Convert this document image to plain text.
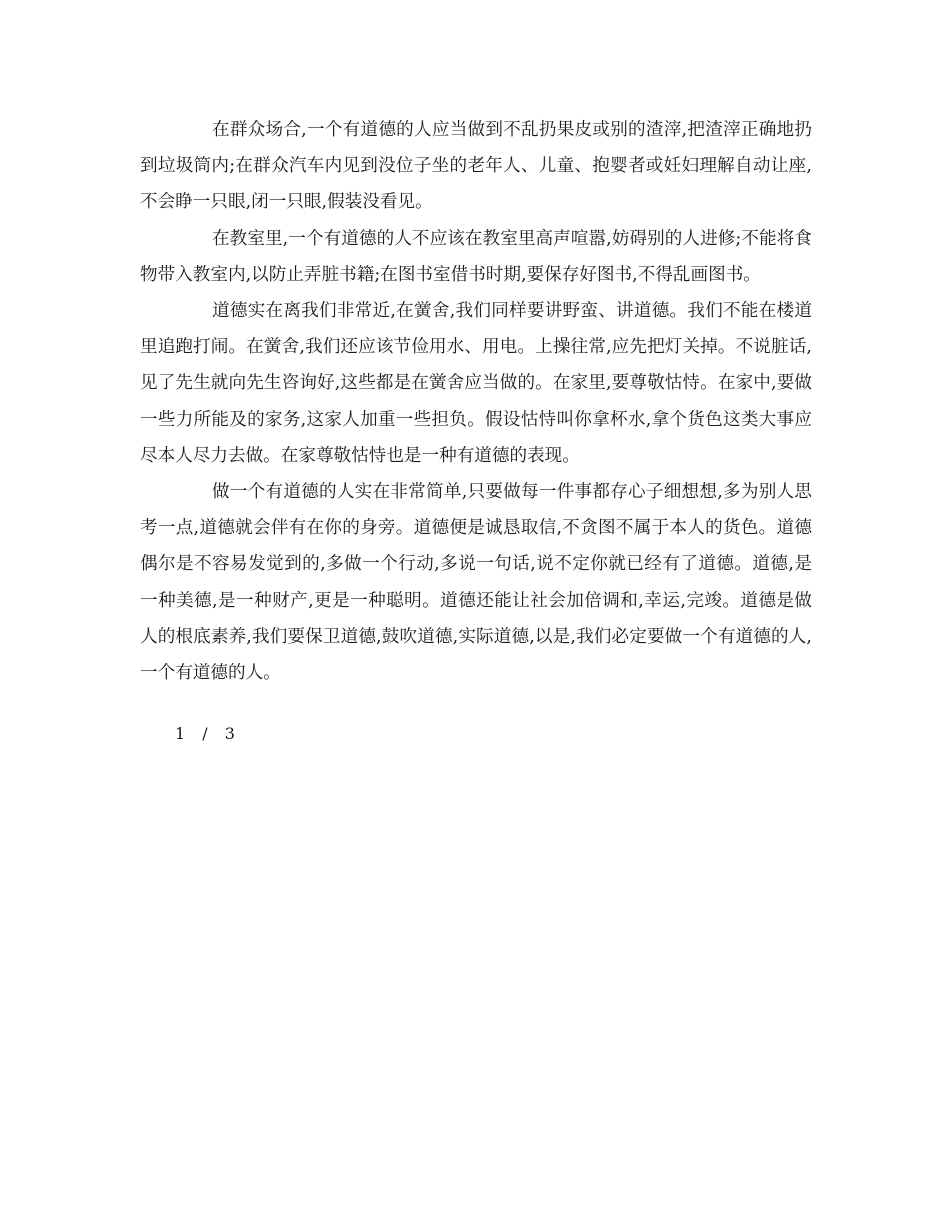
在群众场合,一个有道德的人应当做到不乱扔果皮或别的渣滓,把渣滓正确地扔到垃圾筒内;在群众汽车内见到没位子坐的老年人、儿童、抱婴者或妊妇理解自动让座,不会睁一只眼,闭一只眼,假装没看见。

在教室里,一个有道德的人不应该在教室里高声喧嚣,妨碍别的人进修;不能将食物带入教室内,以防止弄脏书籍;在图书室借书时期,要保存好图书,不得乱画图书。

道德实在离我们非常近,在黉舍,我们同样要讲野蛮、讲道德。我们不能在楼道里追跑打闹。在黉舍,我们还应该节俭用水、用电。上操往常,应先把灯关掉。不说脏话,见了先生就向先生咨询好,这些都是在黉舍应当做的。在家里,要尊敬怙恃。在家中,要做一些力所能及的家务,这家人加重一些担负。假设怙恃叫你拿杯水,拿个货色这类大事应尽本人尽力去做。在家尊敬怙恃也是一种有道德的表现。

做一个有道德的人实在非常简单,只要做每一件事都存心子细想想,多为别人思考一点,道德就会伴有在你的身旁。道德便是诚恳取信,不贪图不属于本人的货色。道德偶尔是不容易发觉到的,多做一个行动,多说一句话,说不定你就已经有了道德。道德,是一种美德,是一种财产,更是一种聪明。道德还能让社会加倍调和,幸运,完竣。道德是做人的根底素养,我们要保卫道德,鼓吹道德,实际道德,以是,我们必定要做一个有道德的人,一个有道德的人。

1 / 3
